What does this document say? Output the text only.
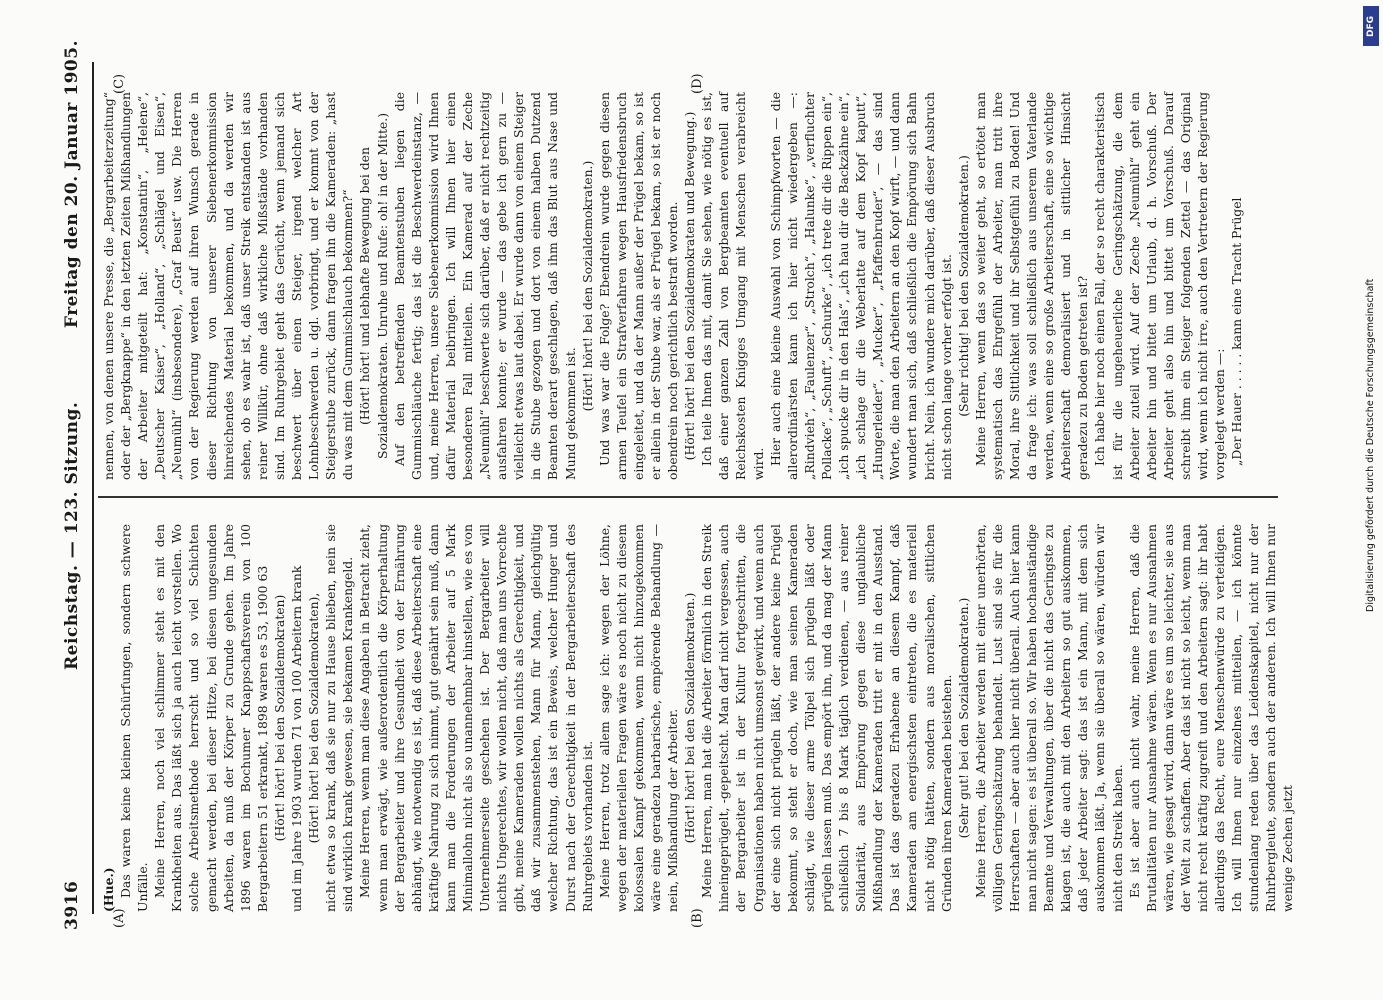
3916
Reichstag. — 123. Sitzung.
Freitag den 20. Januar 1905.
(A)	(B)
(C)	(D)

(Hue.) Das waren keine kleinen Schürfungen, sondern schwere Unfälle. Meine Herren, noch viel schlimmer steht es mit den Krankheiten aus. Das läßt sich ja auch leicht vorstellen. Wo solche Arbeitsmethode herrscht und so viel Schichten gemacht werden, bei dieser Hitze, bei diesen ungesunden Arbeiten, da muß der Körper zu Grunde gehen. Im Jahre 1896 waren im Bochumer Knappschaftsverein von 100 Bergarbeitern 51 erkrankt, 1898 waren es 53, 1900 63 (Hört! hört! bei den Sozialdemokraten) und im Jahre 1903 wurden 71 von 100 Arbeitern krank (Hört! hört! bei den Sozialdemokraten), nicht etwa so krank, daß sie nur zu Hause blieben, nein sie sind wirklich krank gewesen, sie bekamen Krankengeld. Meine Herren, wenn man diese Angaben in Betracht zieht, wenn man erwägt, wie außerordentlich die Körperhaltung der Bergarbeiter und ihre Gesundheit von der Ernährung abhängt, wie notwendig es ist, daß diese Arbeiterschaft eine kräftige Nahrung zu sich nimmt, gut genährt sein muß, dann kann man die Forderungen der Arbeiter auf 5 Mark Minimallohn nicht als so unannehmbar hinstellen, wie es von Unternehmerseite geschehen ist. Der Bergarbeiter will nichts Ungerechtes, wir wollen nicht, daß man uns Vorrechte gibt, meine Kameraden wollen nichts als Gerechtigkeit, und daß wir zusammenstehen, Mann für Mann, gleichgültig welcher Richtung, das ist ein Beweis, welcher Hunger und Durst nach der Gerechtigkeit in der Bergarbeiterschaft des Ruhrgebiets vorhanden ist. Meine Herren, trotz allem sage ich: wegen der Löhne, wegen der materiellen Fragen wäre es noch nicht zu diesem kolossalen Kampf gekommen, wenn nicht hinzugekommen wäre eine geradezu barbarische, empörende Behandlung — nein, Mißhandlung der Arbeiter. (Hört! hört! bei den Sozialdemokraten.) Meine Herren, man hat die Arbeiter förmlich in den Streik hineingeprügelt, -gepeitscht. Man darf nicht vergessen, auch der Bergarbeiter ist in der Kultur fortgeschritten, die Organisationen haben nicht umsonst gewirkt, und wenn auch der eine sich nicht prügeln läßt, der andere keine Prügel bekommt, so steht er doch, wie man seinen Kameraden schlägt, wie dieser arme Tölpel sich prügeln läßt oder prügeln lassen muß. Das empört ihn, und da mag der Mann schließlich 7 bis 8 Mark täglich verdienen, — aus reiner Solidarität, aus Empörung gegen diese unglaubliche Mißhandlung der Kameraden tritt er mit in den Ausstand. Das ist das geradezu Erhabene an diesem Kampf, daß Kameraden am energischsten eintreten, die es materiell nicht nötig hätten, sondern aus moralischen, sittlichen Gründen ihren Kameraden beistehen. (Sehr gut! bei den Sozialdemokraten.) Meine Herren, die Arbeiter werden mit einer unerhörten, völligen Geringschätzung behandelt. Lust sind sie für die Herrschaften — aber auch hier nicht überall. Auch hier kann man nicht sagen: es ist überall so. Wir haben hochanständige Beamte und Verwaltungen, über die nicht das Geringste zu klagen ist, die auch mit den Arbeitern so gut auskommen, daß jeder Arbeiter sagt: das ist ein Mann, mit dem sich auskommen läßt. Ja, wenn sie überall so wären, würden wir nicht den Streik haben. Es ist aber auch nicht wahr, meine Herren, daß die Brutalitäten nur Ausnahme wären. Wenn es nur Ausnahmen wären, wie gesagt wird, dann wäre es um so leichter, sie aus der Welt zu schaffen. Aber das ist nicht so leicht, wenn man nicht recht kräftig zugreift und den Arbeitern sagt: ihr habt allerdings das Recht, eure Menschenwürde zu verteidigen. Ich will Ihnen nur einzelnes mitteilen, — ich könnte stundenlang reden über das Leidenskapitel, nicht nur der Ruhrbergleute, sondern auch der anderen. Ich will Ihnen nur wenige Zechen jetzt

nennen, von denen unsere Presse, die „Bergarbeiterzeitung“ oder der „Bergknappe“ in den letzten Zeiten Mißhandlungen der Arbeiter mitgeteilt hat: „Konstantin“, „Helene“, „Deutscher Kaiser“, „Holland“, „Schlägel und Eisen“, „Neumühl“ (insbesondere), „Graf Beust“ usw. Die Herren von der Regierung werden auf ihren Wunsch gerade in dieser Richtung von unserer Siebenerkommission hinreichendes Material bekommen, und da werden wir sehen, ob es wahr ist, daß unser Streik entstanden ist aus reiner Willkür, ohne daß wirkliche Mißstände vorhanden sind. Im Ruhrgebiet geht das Gerücht, wenn jemand sich beschwert über einen Steiger, irgend welcher Art Lohnbeschwerden u. dgl. vorbringt, und er kommt von der Steigerstube zurück, dann fragen ihn die Kameraden: „hast du was mit dem Gummischlauch bekommen?“ (Hört! hört! und lebhafte Bewegung bei den Sozialdemokraten. Unruhe und Rufe: oh! in der Mitte.) Auf den betreffenden Beamtenstuben liegen die Gummischläuche fertig; das ist die Beschwerdeinstanz, — und, meine Herren, unsere Siebenerkommission wird Ihnen dafür Material beibringen. Ich will Ihnen hier einen besonderen Fall mitteilen. Ein Kamerad auf der Zeche „Neumühl“ beschwerte sich darüber, daß er nicht rechtzeitig ausfahren konnte; er wurde — das gebe ich gern zu — vielleicht etwas laut dabei. Er wurde dann von einem Steiger in die Stube gezogen und dort von einem halben Dutzend Beamten derart geschlagen, daß ihm das Blut aus Nase und Mund gekommen ist.

(Hört! hört! bei den Sozialdemokraten.) Und was war die Folge? Ebendrein wurde gegen diesen armen Teufel ein Strafverfahren wegen Hausfriedensbruch eingeleitet, und da der Mann außer der Prügel bekam, so ist er allein in der Stube war, als er Prügel bekam, so ist er noch obendrein noch gerichtlich bestraft worden. (Hört! hört! bei den Sozialdemokraten und Bewegung.) Ich teile Ihnen das mit, damit Sie sehen, wie nötig es ist, daß einer ganzen Zahl von Bergbeamten eventuell auf Reichskosten Knigges Umgang mit Menschen verabreicht wird. Hier auch eine kleine Auswahl von Schimpfworten — die allerordinärsten kann ich hier nicht wiedergeben —: „Rindvieh“, „Faulenzer“, „Strolch“, „Halunke“, „verfluchter Pollacke“, „Schuft“, „Schurke“, „ich trete dir die Rippen ein“, „ich spucke dir in den Hals“, „ich hau dir die Backzähne ein“, „ich schlage dir die Weberlatte auf dem Kopf kaputt“, „Hungerleider“, „Mucker“, „Pfaffenbruder“, — das sind Worte, die man den Arbeitern an den Kopf wirft, — und dann wundert man sich, daß schließlich die Empörung sich Bahn bricht. Nein, ich wundere mich darüber, daß dieser Ausbruch nicht schon lange vorher erfolgt ist. (Sehr richtig! bei den Sozialdemokraten.) Meine Herren, wenn das so weiter geht, so ertötet man systematisch das Ehrgefühl der Arbeiter, man tritt ihre Moral, ihre Sittlichkeit und ihr Selbstgefühl zu Boden! Und da frage ich: was soll schließlich aus unserem Vaterlande werden, wenn eine so große Arbeiterschaft, eine so wichtige Arbeiterschaft demoralisiert und in sittlicher Hinsicht geradezu zu Boden getreten ist? Ich habe hier noch einen Fall, der so recht charakteristisch ist für die ungeheuerliche Geringschätzung, die dem Arbeiter zuteil wird. Auf der Zeche „Neumühl“ geht ein Arbeiter hin und bittet um Urlaub, d. h. Vorschuß. Der Arbeiter geht also hin und bittet um Vorschuß. Darauf schreibt ihm ein Steiger folgenden Zettel — das Original wird, wenn ich nicht irre, auch den Vertretern der Regierung vorgelegt werden —: „Der Hauer . . . . . kann eine Tracht Prügel

DFG
Digitalisierung gefördert durch die Deutsche Forschungsgemeinschaft
